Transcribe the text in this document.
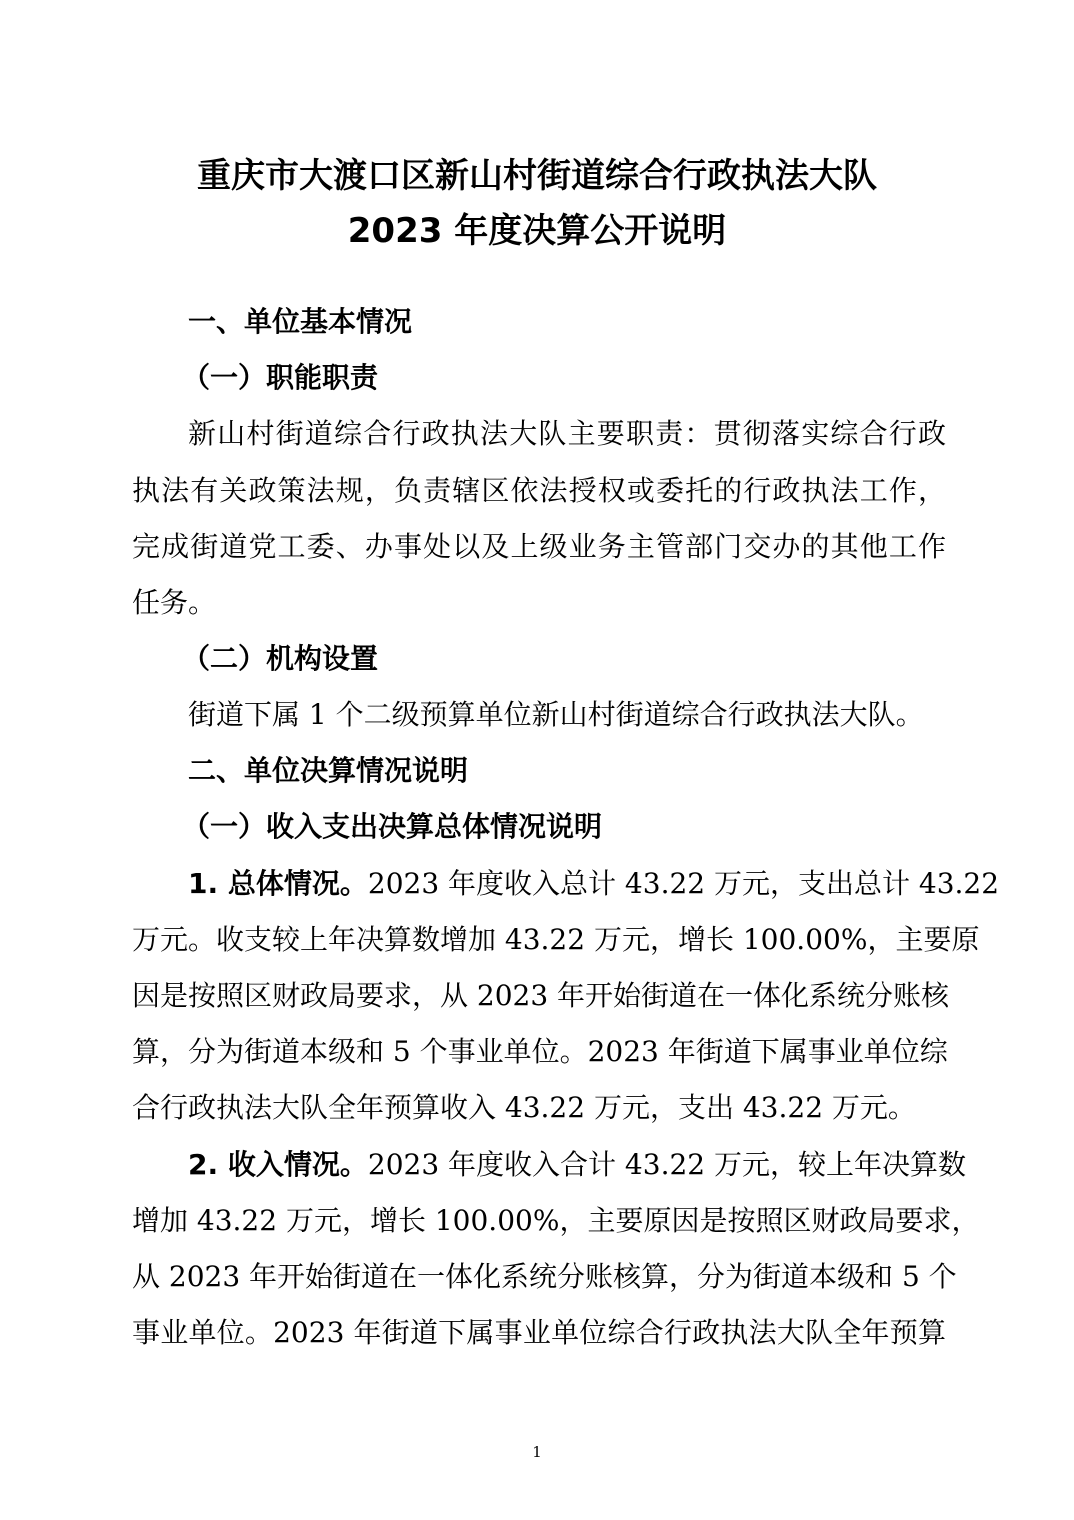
重庆市大渡口区新山村街道综合行政执法大队
2023 年度决算公开说明
一、单位基本情况
（一）职能职责
新山村街道综合行政执法大队主要职责：贯彻落实综合行政
执法有关政策法规，负责辖区依法授权或委托的行政执法工作，
完成街道党工委、办事处以及上级业务主管部门交办的其他工作
任务。
（二）机构设置
街道下属 1 个二级预算单位新山村街道综合行政执法大队。
二、单位决算情况说明
（一）收入支出决算总体情况说明
1. 总体情况。2023 年度收入总计 43.22 万元，支出总计 43.22
万元。收支较上年决算数增加 43.22 万元，增长 100.00%，主要原
因是按照区财政局要求，从 2023 年开始街道在一体化系统分账核
算，分为街道本级和 5 个事业单位。2023 年街道下属事业单位综
合行政执法大队全年预算收入 43.22 万元，支出 43.22 万元。
2. 收入情况。2023 年度收入合计 43.22 万元，较上年决算数
增加 43.22 万元，增长 100.00%，主要原因是按照区财政局要求，
从 2023 年开始街道在一体化系统分账核算，分为街道本级和 5 个
事业单位。2023 年街道下属事业单位综合行政执法大队全年预算
1
